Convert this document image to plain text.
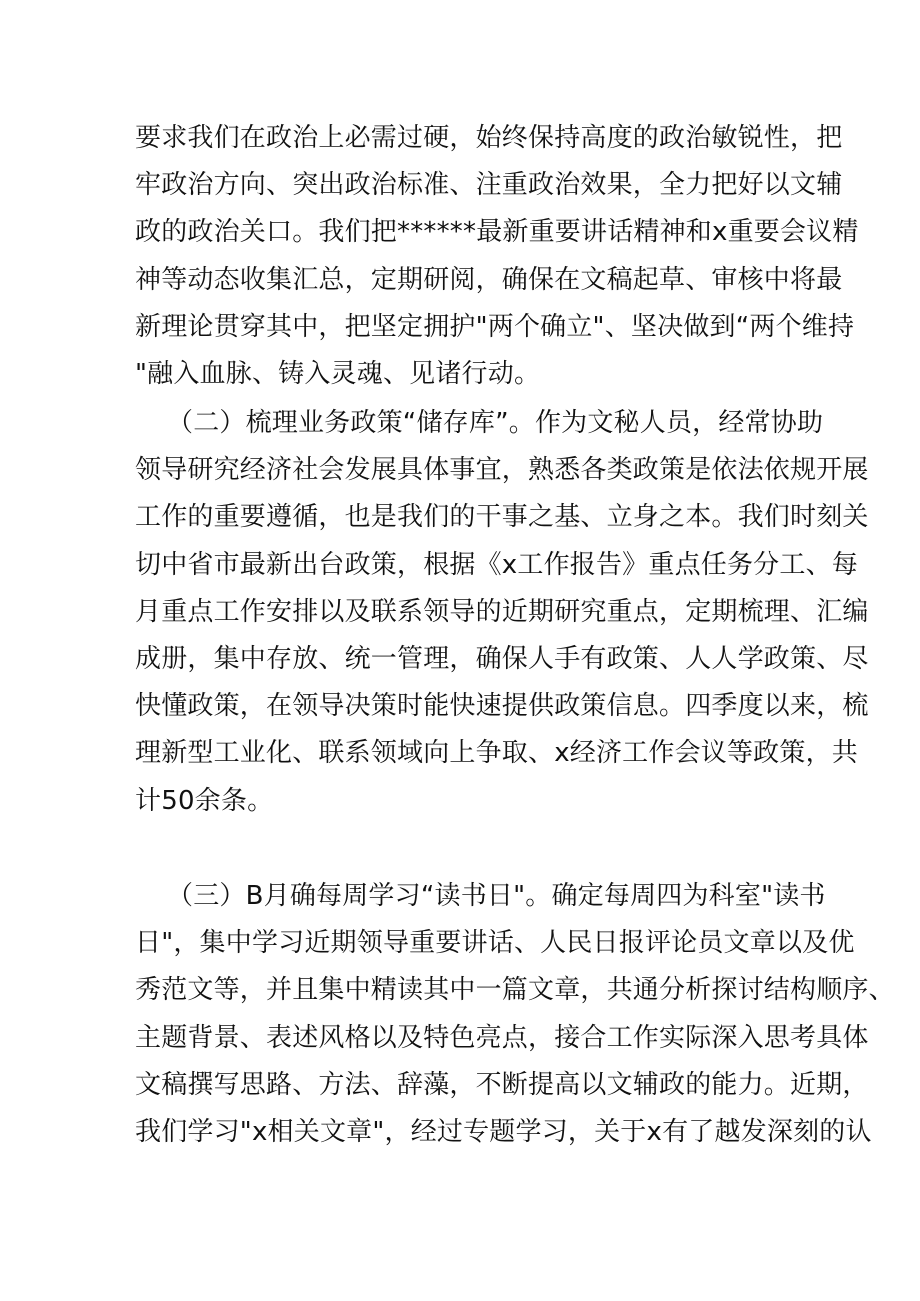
要求我们在政治上必需过硬，始终保持高度的政治敏锐性，把
牢政治方向、突出政治标准、注重政治效果，全力把好以文辅
政的政治关口。我们把******最新重要讲话精神和x重要会议精
神等动态收集汇总，定期研阅，确保在文稿起草、审核中将最
新理论贯穿其中，把坚定拥护"两个确立"、坚决做到“两个维持
"融入血脉、铸入灵魂、见诸行动。
（二）梳理业务政策“储存库”。作为文秘人员，经常协助
领导研究经济社会发展具体事宜，熟悉各类政策是依法依规开展
工作的重要遵循，也是我们的干事之基、立身之本。我们时刻关
切中省市最新出台政策，根据《x工作报告》重点任务分工、每
月重点工作安排以及联系领导的近期研究重点，定期梳理、汇编
成册，集中存放、统一管理，确保人手有政策、人人学政策、尽
快懂政策，在领导决策时能快速提供政策信息。四季度以来，梳
理新型工业化、联系领域向上争取、x经济工作会议等政策，共
计50余条。
（三）B月确每周学习“读书日"。确定每周四为科室"读书
日"，集中学习近期领导重要讲话、人民日报评论员文章以及优
秀范文等，并且集中精读其中一篇文章，共通分析探讨结构顺序、
主题背景、表述风格以及特色亮点，接合工作实际深入思考具体
文稿撰写思路、方法、辞藻，不断提高以文辅政的能力。近期，
我们学习"x相关文章"，经过专题学习，关于x有了越发深刻的认
